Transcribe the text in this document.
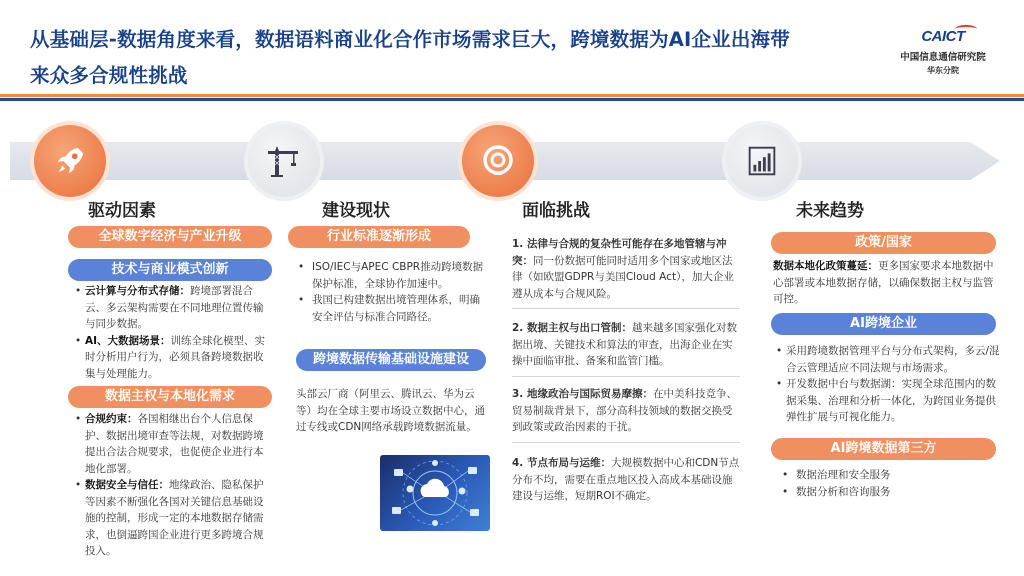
从基础层-数据角度来看，数据语料商业化合作市场需求巨大，跨境数据为AI企业出海带
来众多合规性挑战
CAICT
中国信息通信研究院
华东分院
驱动因素
全球数字经济与产业升级
技术与商业模式创新
• 云计算与分布式存储：跨境部署混合云、多云架构需要在不同地理位置传输与同步数据。
• AI、大数据场景：训练全球化模型、实时分析用户行为，必须具备跨境数据收集与处理能力。
数据主权与本地化需求
• 合规约束：各国相继出台个人信息保护、数据出境审查等法规，对数据跨境提出合法合规要求，也促使企业进行本地化部署。
• 数据安全与信任：地缘政治、隐私保护等因素不断强化各国对关键信息基础设施的控制，形成一定的本地数据存储需求，也倒逼跨国企业进行更多跨境合规投入。
建设现状
行业标准逐渐形成
• ISO/IEC与APEC CBPR推动跨境数据保护标准，全球协作加速中。
• 我国已构建数据出境管理体系，明确安全评估与标准合同路径。
跨境数据传输基础设施建设
头部云厂商（阿里云、腾讯云、华为云等）均在全球主要市场设立数据中心，通过专线或CDN网络承载跨境数据流量。
面临挑战
1. 法律与合规的复杂性可能存在多地管辖与冲突：同一份数据可能同时适用多个国家或地区法律（如欧盟GDPR与美国Cloud Act），加大企业遵从成本与合规风险。
2. 数据主权与出口管制：越来越多国家强化对数据出境、关键技术和算法的审查，出海企业在实操中面临审批、备案和监管门槛。
3. 地缘政治与国际贸易摩擦：在中美科技竞争、贸易制裁背景下，部分高科技领域的数据交换受到政策或政治因素的干扰。
4. 节点布局与运维：大规模数据中心和CDN节点分布不均，需要在重点地区投入高成本基础设施建设与运维，短期ROI不确定。
未来趋势
政策/国家
数据本地化政策蔓延：更多国家要求本地数据中心部署或本地数据存储，以确保数据主权与监管可控。
AI跨境企业
• 采用跨境数据管理平台与分布式架构，多云/混合云管理适应不同法规与市场需求。
• 开发数据中台与数据湖：实现全球范围内的数据采集、治理和分析一体化，为跨国业务提供弹性扩展与可视化能力。
AI跨境数据第三方
• 数据治理和安全服务
• 数据分析和咨询服务
